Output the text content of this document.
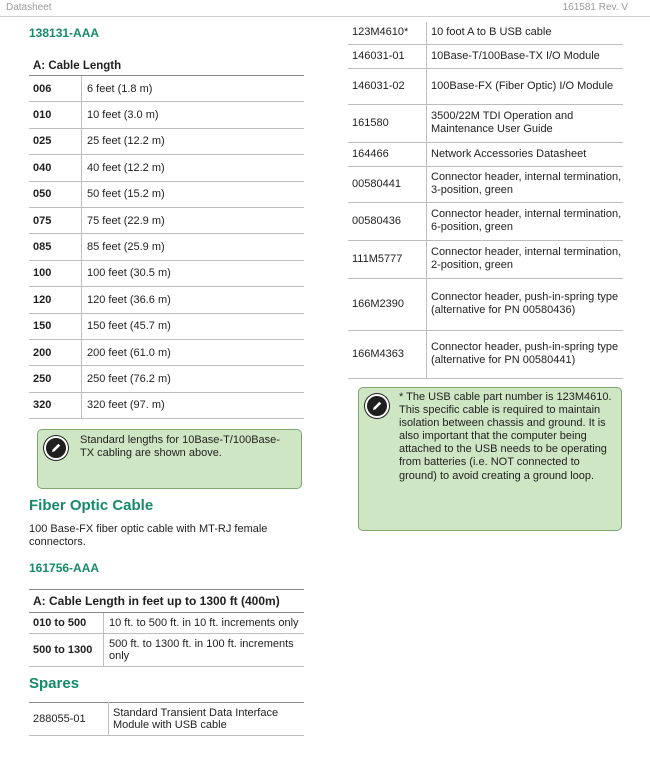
Datasheet	161581 Rev. V
138131-AAA
A: Cable Length	
006	6 feet (1.8 m)
010	10 feet (3.0 m)
025	25 feet (12.2 m)
040	40 feet (12.2 m)
050	50 feet (15.2 m)
075	75 feet (22.9 m)
085	85 feet (25.9 m)
100	100 feet (30.5 m)
120	120 feet (36.6 m)
150	150 feet (45.7 m)
200	200 feet (61.0 m)
250	250 feet (76.2 m)
320	320 feet (97. m)
Standard lengths for 10Base-T/100Base-TX cabling are shown above.
Fiber Optic Cable
100 Base-FX fiber optic cable with MT-RJ female connectors.
161756-AAA
A: Cable Length in feet up to 1300 ft (400m)	
010 to 500	10 ft. to 500 ft. in 10 ft. increments only
500 to 1300	500 ft. to 1300 ft. in 100 ft. increments only
Spares
288055-01	Standard Transient Data Interface Module with USB cable
123M4610*	10 foot A to B USB cable
146031-01	10Base-T/100Base-TX I/O Module
146031-02	100Base-FX (Fiber Optic) I/O Module
161580	3500/22M TDI Operation and Maintenance User Guide
164466	Network Accessories Datasheet
00580441	Connector header, internal termination, 3-position, green
00580436	Connector header, internal termination, 6-position, green
111M5777	Connector header, internal termination, 2-position, green
166M2390	Connector header, push-in-spring type (alternative for PN 00580436)
166M4363	Connector header, push-in-spring type (alternative for PN 00580441)
* The USB cable part number is 123M4610. This specific cable is required to maintain isolation between chassis and ground. It is also important that the computer being attached to the USB needs to be operating from batteries (i.e. NOT connected to ground) to avoid creating a ground loop.
